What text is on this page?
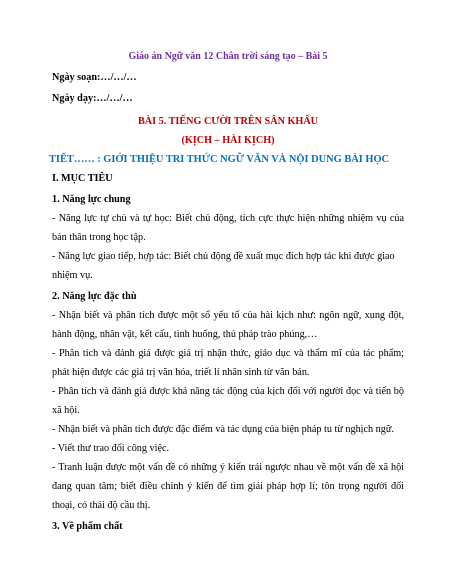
Giáo án Ngữ văn 12 Chân trời sáng tạo – Bài 5
Ngày soạn:…/…/…
Ngày dạy:…/…/…
BÀI 5. TIẾNG CƯỜI TRÊN SÂN KHẤU
(KỊCH – HÀI KỊCH)
TIẾT…… : GIỚI THIỆU TRI THỨC NGỮ VĂN VÀ NỘI DUNG BÀI HỌC
I. MỤC TIÊU
1. Năng lực chung

- Năng lực tự chủ và tự học: Biết chủ động, tích cực thực hiện những nhiệm vụ của bản thân trong học tập.

- Năng lực giao tiếp, hợp tác: Biết chủ động đề xuất mục đích hợp tác khi được giao

nhiệm vụ.

2. Năng lực đặc thù

- Nhận biết và phân tích được một số yếu tố của hài kịch như: ngôn ngữ, xung đột, hành động, nhân vật, kết cấu, tình huống, thủ pháp trào phúng,…

- Phân tích và đánh giá được giá trị nhận thức, giáo dục và thẩm mĩ của tác phẩm; phát hiện được các giá trị văn hóa, triết lí nhân sinh từ văn bản.

- Phân tích và đánh giá được khả năng tác động của kịch đối với người đọc và tiến bộ xã hội.

- Nhận biết và phân tích được đặc điểm và tác dụng của biện pháp tu từ nghịch ngữ.

- Viết thư trao đổi công việc.

- Tranh luận được một vấn đề có những ý kiến trái ngược nhau về một vấn đề xã hội đang quan tâm; biết điều chỉnh ý kiến để tìm giải pháp hợp lí; tôn trọng người đối thoại, có thái độ cầu thị.

3. Về phẩm chất
